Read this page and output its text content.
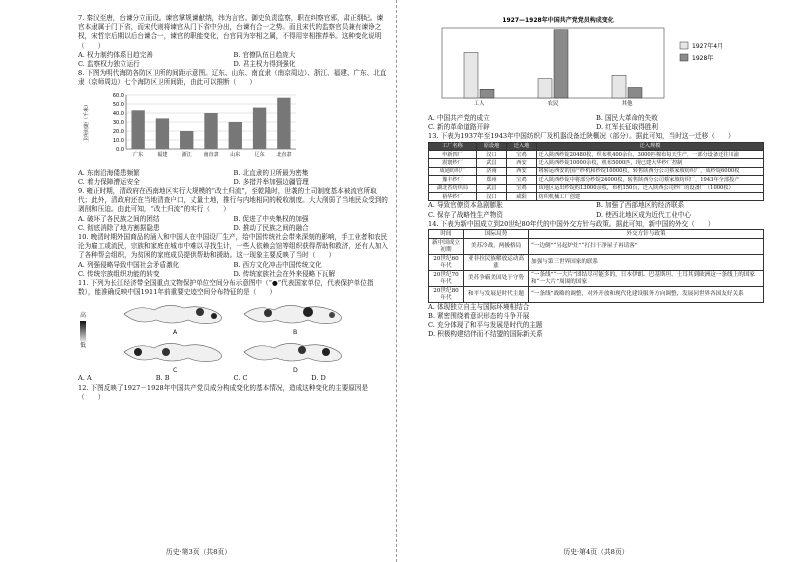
7. 秦汉至唐，台谏分立而设。谏官掌规谏献纳，纬为言官。御史负责监察，职在纠察官邪，肃正纲纪。谏官本隶属于门下省，而宋代则将谏官从门下省中分出，台谏有合一之势。而且宋代的监察官员兼有谏诤之权，宋哲宗后期以后台谏合一，谏官的职能变化，台官同为宰相之属，不得用宰相推荐举。这种变化说明（　　）

A. 权力制约体系日趋完善	B. 官僚队伍日趋庞大
C. 监察权力独立运行	D. 君主权力得到强化

8. 下图为明代海防各防区卫所的间距示意图。辽东、山东、南直隶（南京周边）、浙江、福建、广东、北直隶（京师周边）七个海防区卫所间距，由此可以推断（　　）

0.0
10.0
20.0
30.0
40.0
50.0
60.0
卫所间距（千米）
广东	福建	浙江 南直隶 山东	辽东 北直隶
A. 东南沿海倭患频繁	B. 北直隶的卫所最为密集
C. 着力保障漕运安全	D. 多措并举加强边疆管理

9. 雍正时期，清政府在西南地区实行大规模的“改土归流”，至乾隆时，世袭的土司制度基本被流官所取代；此外，清政府还在当地清查户口，丈量土地，推行与内地相同的税收制度。大大削弱了当地民众受到的剥削和压迫。由此可知，“改土归流”的实行（　　）

A. 破坏了各民族之间的团结	B. 促进了中央集权的加强
C. 彻底消除了地方割据隐患	D. 推动了民族之间的融合

10. 晚清时期外国商品的涌入和中国人在中国设厂生产，给中国传统社会带来深刻的影响，手工业者和农民沦为雇工或流民，宗族和家庭在城市中难以寻找生计，一些人依赖会馆等组织获得帮助和救济，还有人加入了各种帮会组织，为贫困的家庭成员提供帮助和援助。这一现象主要反映了当时（　　）

A. 列强侵略导致中国社会矛盾激化	B. 西方文化冲击中国传统文化
C. 传统宗族组织功能的转变	D. 传统家族社会在外来侵略下瓦解

11. 下列为长江经济带全国重点文物保护单位空间分布示意图中（“●”代表国家单位，代表保护单位指数），能准确反映中国1911年前重要史迹空间分布特征的是（　　）

高
低
A	B
C	D
A. A	B. B	C. C	D. D

12. 下图反映了1927－1928年中国共产党员成分构成变化的基本情况，造成这种变化的主要原因是（　　）

历史·第3页（共8页）
1927—1928年中国共产党党员构成变化
工人	农民	其他
1927年4月
1928年
A. 中国共产党的成立	B. 国民大革命的失败
C. 新的革命道路开辟	D. 红军长征取得胜利

13. 下表为1937年至1943年中国纺织厂及机器设备迁陕概况（部分）。据此可知，当时这一迁移（　　）

工厂名称	原设地	迁入地	迁入规模
申新四厂	汉口	宝鸡	迁入陕西纱锭20480枚，织布机400余台，3000匹棉布每天生产，一部分设备迁往川渝
震寰纱厂	武昌	西安	迁入陕西纱锭10000余枚，机布5000匹，现已建大华纱厂控制
成通纺织厂	济南	西安	将转运西安的国产纱机和纱锭10000枚，转售陕西分公司蔡家坡纺织厂，成纱锭6000枚
豫丰纱厂	郑州	宝鸡	迁入陕西纱锭中将部分纱锭24000枚，转售陕西分公司蔡家坡纺织厂，1943年全部投产
湖北省纺织局	武昌	宝鸡	该地区运出纱锭约13000余枚，布机150台，迁入陕西公司纱厂的设备厂（1000枚）
裕华纱厂	汉口	咸阳	纺织机械工厂创建
A. 导致官僚资本急剧膨胀	B. 加强了西部地区的经济联系
C. 保存了战略性生产物资	D. 使西北地区成为近代工业中心

14. 下表为新中国成立到20世纪80年代的中国外交方针与政策。据此可知，新中国的外交（　　）

时间	国际局势	外交方针与政策
新中国成立初期	美苏冷战，两极格局	“一边倒”“另起炉灶”“打扫干净屋子再请客”
20世纪60年代	亚非拉民族解放运动高涨	加强与第三世界国家的联系
20世纪70年代	美苏争霸美国处于守势	“一条线”“一大片”团结尽可能多的，日本伊朗、巴基斯坦、土耳其到欧洲这一条线上的国家和“一大片”周围的国家
20世纪80年代	和平与发展是时代主题	“一条线”战略的调整，对外开放和现代化建设服务方向调整，发展同世界各国友好关系
A. 体现独立自主与国际环境相结合
B. 紧密围绕着意识形态的斗争开展
C. 充分体现了和平与发展是时代的主题
D. 积极构建结伴而不结盟的国际新关系
历史·第4页（共8页）
